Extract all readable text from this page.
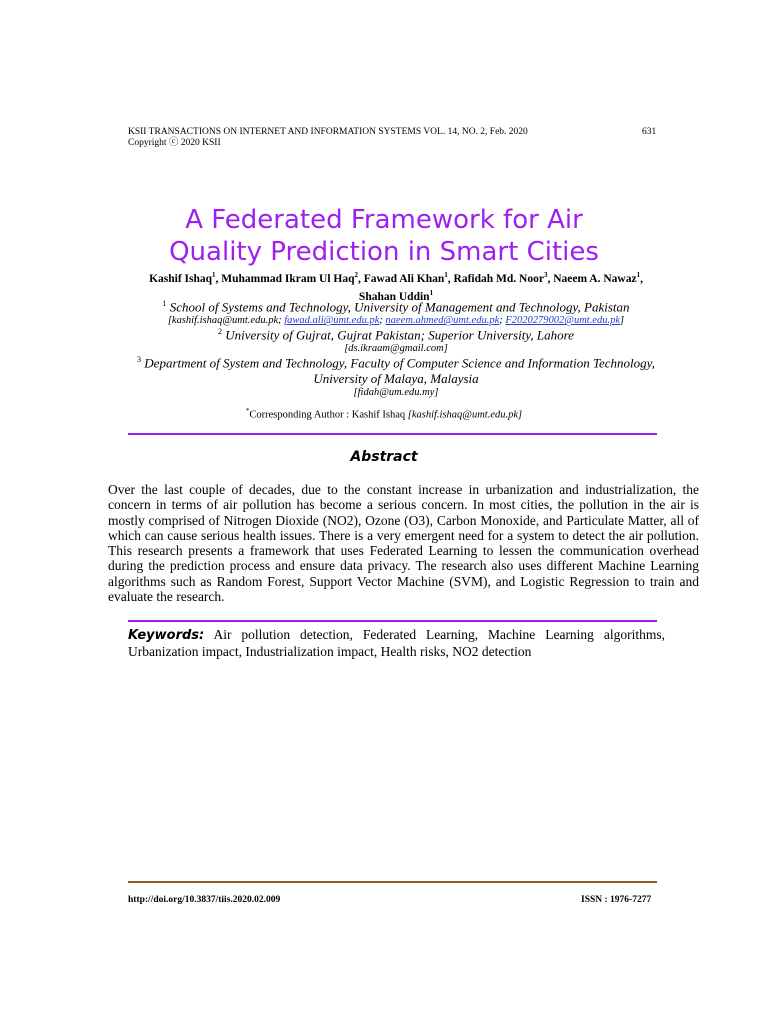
KSII TRANSACTIONS ON INTERNET AND INFORMATION SYSTEMS VOL. 14, NO. 2, Feb. 2020
Copyright ⓒ 2020 KSII
631
A Federated Framework for Air
Quality Prediction in Smart Cities
Kashif Ishaq$^1$, Muhammad Ikram Ul Haq$^2$, Fawad Ali Khan$^1$, Rafidah Md. Noor$^3$, Naeem A. Nawaz$^1$,
Shahan Uddin$^1$
$^1$ School of Systems and Technology, University of Management and Technology, Pakistan
[kashif.ishaq@umt.edu.pk; fawad.ali@umt.edu.pk; naeem.ahmed@umt.edu.pk; F2020279002@umt.edu.pk]
$^2$ University of Gujrat, Gujrat Pakistan; Superior University, Lahore
[ds.ikraam@gmail.com]
$^3$ Department of System and Technology, Faculty of Computer Science and Information Technology,
University of Malaya, Malaysia
[fidah@um.edu.my]
*Corresponding Author : Kashif Ishaq [kashif.ishaq@umt.edu.pk]
Abstract
Over the last couple of decades, due to the constant increase in urbanization and industrialization, the concern in terms of air pollution has become a serious concern. In most cities, the pollution in the air is mostly comprised of Nitrogen Dioxide (NO2), Ozone (O3), Carbon Monoxide, and Particulate Matter, all of which can cause serious health issues. There is a very emergent need for a system to detect the air pollution. This research presents a framework that uses Federated Learning to lessen the communication overhead during the prediction process and ensure data privacy. The research also uses different Machine Learning algorithms such as Random Forest, Support Vector Machine (SVM), and Logistic Regression to train and evaluate the research.
Keywords: Air pollution detection, Federated Learning, Machine Learning algorithms, Urbanization impact, Industrialization impact, Health risks, NO2 detection
http://doi.org/10.3837/tiis.2020.02.009	ISSN : 1976-7277
